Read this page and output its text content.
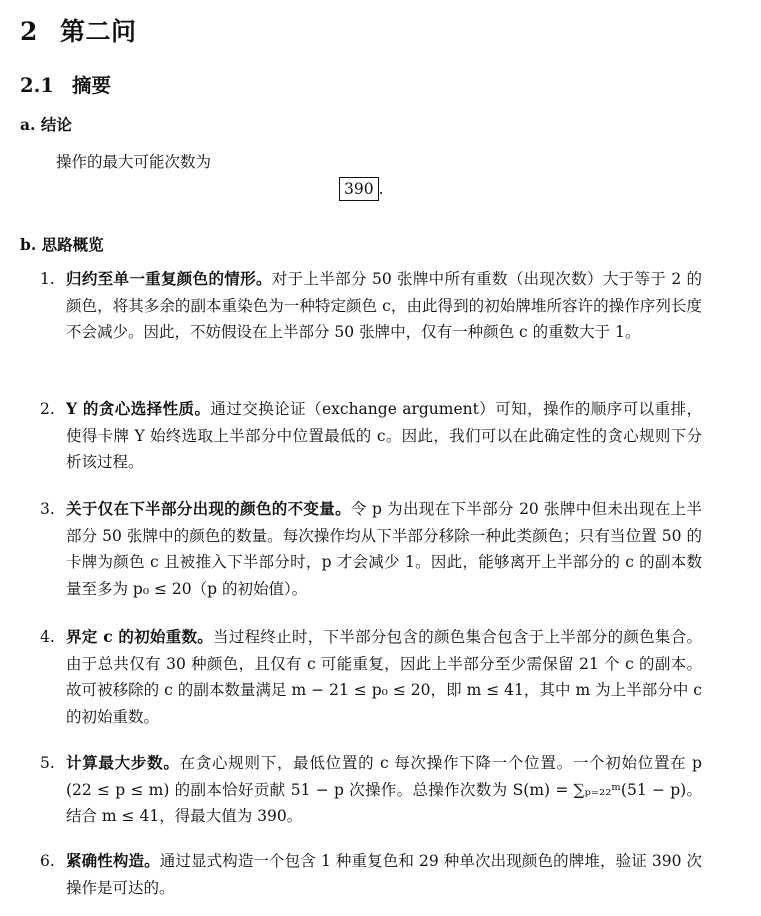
2 第二问
2.1 摘要
a. 结论
操作的最大可能次数为
390 .
b. 思路概览
1. 归约至单一重复颜色的情形。对于上半部分 50 张牌中所有重数（出现次数）大于等于 2 的颜色，将其多余的副本重染色为一种特定颜色 c，由此得到的初始牌堆所容许的操作序列长度不会减少。因此，不妨假设在上半部分 50 张牌中，仅有一种颜色 c 的重数大于 1。
2. Y 的贪心选择性质。通过交换论证（exchange argument）可知，操作的顺序可以重排，使得卡牌 Y 始终选取上半部分中位置最低的 c。因此，我们可以在此确定性的贪心规则下分析该过程。
3. 关于仅在下半部分出现的颜色的不变量。令 p 为出现在下半部分 20 张牌中但未出现在上半部分 50 张牌中的颜色的数量。每次操作均从下半部分移除一种此类颜色；只有当位置 50 的卡牌为颜色 c 且被推入下半部分时，p 才会减少 1。因此，能够离开上半部分的 c 的副本数量至多为 p₀ ≤ 20（p 的初始值）。
4. 界定 c 的初始重数。当过程终止时，下半部分包含的颜色集合包含于上半部分的颜色集合。由于总共仅有 30 种颜色，且仅有 c 可能重复，因此上半部分至少需保留 21 个 c 的副本。故可被移除的 c 的副本数量满足 m − 21 ≤ p₀ ≤ 20，即 m ≤ 41，其中 m 为上半部分中 c 的初始重数。
5. 计算最大步数。在贪心规则下，最低位置的 c 每次操作下降一个位置。一个初始位置在 p (22 ≤ p ≤ m) 的副本恰好贡献 51 − p 次操作。总操作次数为 S(m) = ∑ₚ₌₂₂ᵐ(51 − p)。结合 m ≤ 41，得最大值为 390。
6. 紧确性构造。通过显式构造一个包含 1 种重复色和 29 种单次出现颜色的牌堆，验证 390 次操作是可达的。
